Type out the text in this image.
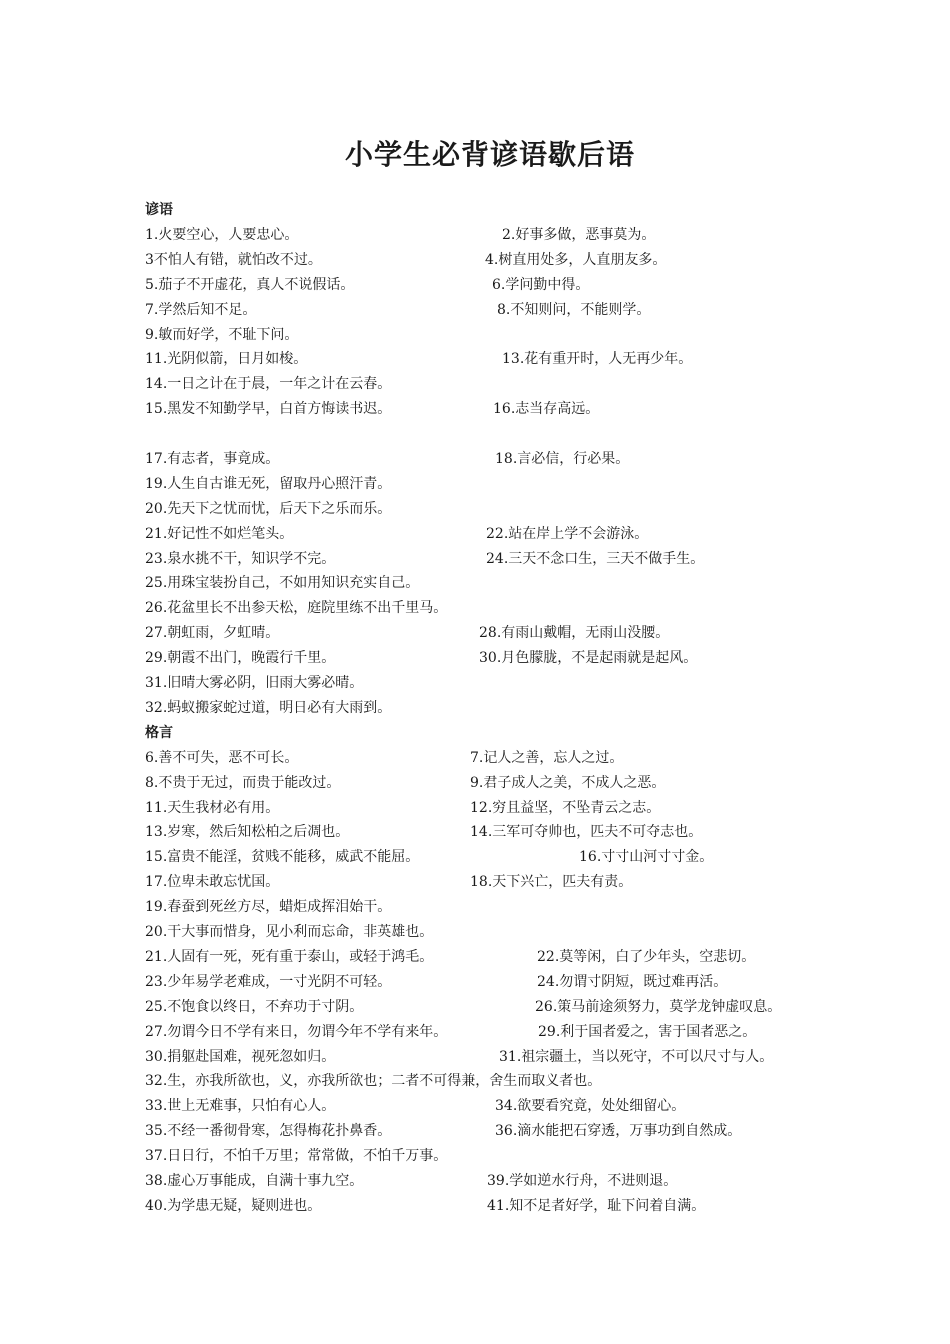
小学生必背谚语歇后语
谚语
1.火要空心，人要忠心。	2.好事多做，恶事莫为。
3不怕人有错，就怕改不过。	4.树直用处多，人直朋友多。
5.茄子不开虚花，真人不说假话。	6.学问勤中得。
7.学然后知不足。	8.不知则问，不能则学。
9.敏而好学，不耻下问。
11.光阴似箭，日月如梭。	13.花有重开时，人无再少年。
14.一日之计在于晨，一年之计在云春。
15.黑发不知勤学早，白首方悔读书迟。	16.志当存高远。
17.有志者，事竟成。	18.言必信，行必果。
19.人生自古谁无死，留取丹心照汗青。
20.先天下之忧而忧，后天下之乐而乐。
21.好记性不如烂笔头。	22.站在岸上学不会游泳。
23.泉水挑不干，知识学不完。	24.三天不念口生，三天不做手生。
25.用珠宝装扮自己，不如用知识充实自己。
26.花盆里长不出参天松，庭院里练不出千里马。
27.朝虹雨，夕虹晴。	28.有雨山戴帽，无雨山没腰。
29.朝霞不出门，晚霞行千里。	30.月色朦胧，不是起雨就是起风。
31.旧晴大雾必阴，旧雨大雾必晴。
32.蚂蚁搬家蛇过道，明日必有大雨到。
格言
6.善不可失，恶不可长。	7.记人之善，忘人之过。
8.不贵于无过，而贵于能改过。	9.君子成人之美，不成人之恶。
11.天生我材必有用。	12.穷且益坚，不坠青云之志。
13.岁寒，然后知松柏之后凋也。	14.三军可夺帅也，匹夫不可夺志也。
15.富贵不能淫，贫贱不能移，威武不能屈。	16.寸寸山河寸寸金。
17.位卑未敢忘忧国。	18.天下兴亡，匹夫有责。
19.春蚕到死丝方尽，蜡炬成挥泪始干。
20.干大事而惜身，见小利而忘命，非英雄也。
21.人固有一死，死有重于泰山，或轻于鸿毛。	22.莫等闲，白了少年头，空悲切。
23.少年易学老难成，一寸光阴不可轻。	24.勿谓寸阴短，既过难再活。
25.不饱食以终日，不弃功于寸阴。	26.策马前途须努力，莫学龙钟虚叹息。
27.勿谓今日不学有来日，勿谓今年不学有来年。	29.利于国者爱之，害于国者恶之。
30.捐躯赴国难，视死忽如归。	31.祖宗疆土，当以死守，不可以尺寸与人。
32.生，亦我所欲也，义，亦我所欲也；二者不可得兼，舍生而取义者也。
33.世上无难事，只怕有心人。	34.欲要看究竟，处处细留心。
35.不经一番彻骨寒，怎得梅花扑鼻香。	36.滴水能把石穿透，万事功到自然成。
37.日日行，不怕千万里；常常做，不怕千万事。
38.虚心万事能成，自满十事九空。	39.学如逆水行舟，不进则退。
40.为学患无疑，疑则进也。	41.知不足者好学，耻下问着自满。
